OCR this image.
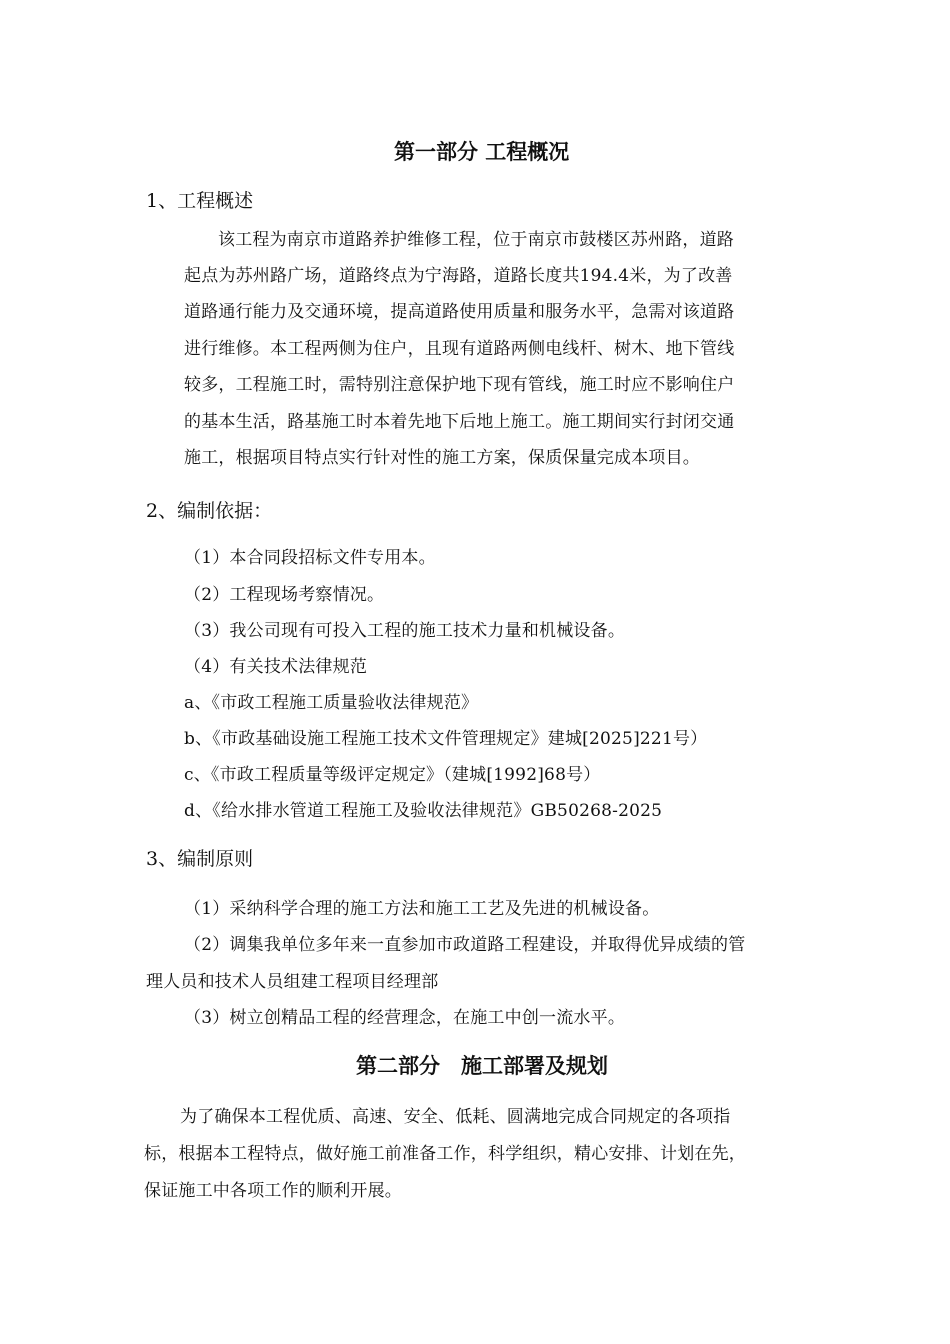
第一部分 工程概况
1、工程概述
该工程为南京市道路养护维修工程，位于南京市鼓楼区苏州路，道路
起点为苏州路广场，道路终点为宁海路，道路长度共194.4米，为了改善
道路通行能力及交通环境，提高道路使用质量和服务水平，急需对该道路
进行维修。本工程两侧为住户，且现有道路两侧电线杆、树木、地下管线
较多，工程施工时，需特别注意保护地下现有管线，施工时应不影响住户
的基本生活，路基施工时本着先地下后地上施工。施工期间实行封闭交通
施工，根据项目特点实行针对性的施工方案，保质保量完成本项目。
2、编制依据：
（1）本合同段招标文件专用本。
（2）工程现场考察情况。
（3）我公司现有可投入工程的施工技术力量和机械设备。
（4）有关技术法律规范
a、《市政工程施工质量验收法律规范》
b、《市政基础设施工程施工技术文件管理规定》建城[2025]221号）
c、《市政工程质量等级评定规定》（建城[1992]68号）
d、《给水排水管道工程施工及验收法律规范》GB50268-2025
3、编制原则
（1）采纳科学合理的施工方法和施工工艺及先进的机械设备。
（2）调集我单位多年来一直参加市政道路工程建设，并取得优异成绩的管
理人员和技术人员组建工程项目经理部
（3）树立创精品工程的经营理念，在施工中创一流水平。
第二部分　施工部署及规划
为了确保本工程优质、高速、安全、低耗、圆满地完成合同规定的各项指
标，根据本工程特点，做好施工前准备工作，科学组织，精心安排、计划在先，
保证施工中各项工作的顺利开展。
